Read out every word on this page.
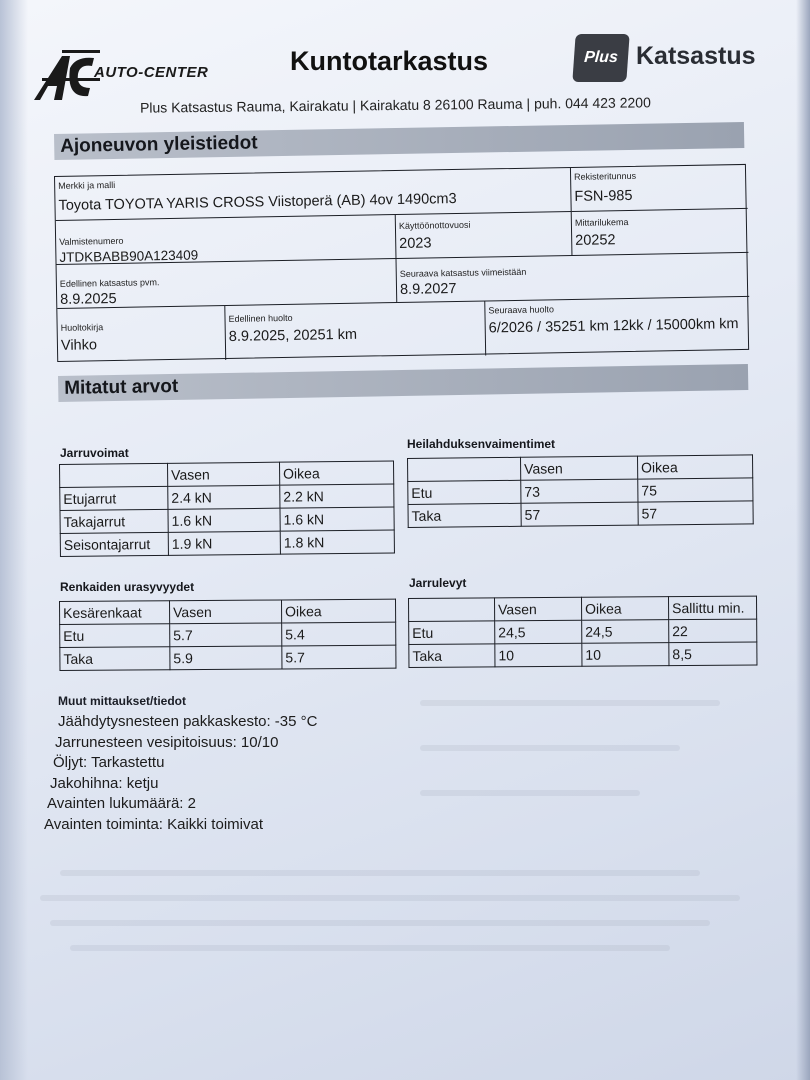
AUTO-CENTER	Kuntotarkastus	Plus Katsastus
Plus Katsastus Rauma, Kairakatu | Kairakatu 8 26100 Rauma | puh. 044 423 2200
Ajoneuvon yleistiedot
Merkki ja malli
Toyota TOYOTA YARIS CROSS Viistoperä (AB) 4ov 1490cm3
Rekisteritunnus
FSN-985
Valmistenumero
JTDKBABB90A123409
Käyttöönottovuosi
2023
Mittarilukema
20252
Edellinen katsastus pvm.
8.9.2025
Seuraava katsastus viimeistään
8.9.2027
Huoltokirja
Vihko
Edellinen huolto
8.9.2025, 20251 km
Seuraava huolto
6/2026 / 35251 km 12kk / 15000km km
Mitatut arvot
Jarruvoimat
	Vasen	Oikea
Etujarrut	2.4 kN	2.2 kN
Takajarrut	1.6 kN	1.6 kN
Seisontajarrut	1.9 kN	1.8 kN
Heilahduksenvaimentimet
	Vasen	Oikea
Etu	73	75
Taka	57	57
Renkaiden urasyvyydet
Kesärenkaat	Vasen	Oikea
Etu	5.7	5.4
Taka	5.9	5.7
Jarrulevyt
	Vasen	Oikea	Sallittu min.
Etu	24,5	24,5	22
Taka	10	10	8,5
Muut mittaukset/tiedot
Jäähdytysnesteen pakkaskesto: -35 °C
Jarrunesteen vesipitoisuus: 10/10
Öljyt: Tarkastettu
Jakohihna: ketju
Avainten lukumäärä: 2
Avainten toiminta: Kaikki toimivat
